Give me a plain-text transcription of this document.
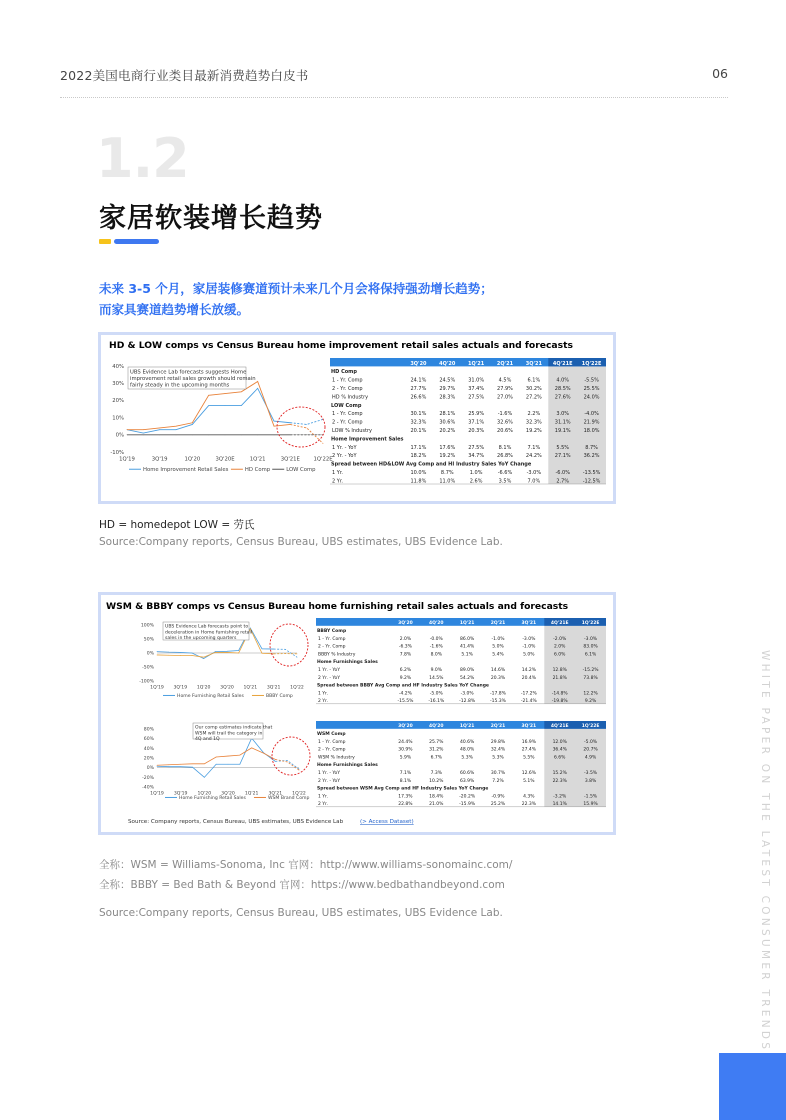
2022美国电商行业类目最新消费趋势白皮书	06
1.2
家居软装增长趋势
未来 3-5 个月，家居装修赛道预计未来几个月会将保持强劲增长趋势；
而家具赛道趋势增长放缓。
HD & LOW comps vs Census Bureau home improvement retail sales actuals and forecasts
40%
30%
20%
10%
0%
-10%
1Q'19	3Q'19	1Q'20	3Q'20E	1Q'21	3Q'21E	1Q'22E
UBS Evidence Lab forecasts suggests Home
improvement retail sales growth should remain
fairly steady in the upcoming months
Home Improvement Retail Sales	HD Comp	LOW Comp
3Q'20	4Q'20	1Q'21	2Q'21	3Q'21 4Q'21E 1Q'22E
HD Comp
1 - Yr. Comp	24.1%	24.5%	31.0%	4.5%	6.1%	4.0%	-5.5%
2 - Yr. Comp	27.7%	29.7%	37.4%	27.9%	30.2%	28.5%	25.5%
HD % Industry	26.6%	28.3%	27.5%	27.0%	27.2%	27.6%	24.0%
LOW Comp
1 - Yr. Comp	30.1%	28.1%	25.9%	-1.6%	2.2%	3.0%	-4.0%
2 - Yr. Comp	32.3%	30.6%	37.1%	32.6%	32.3%	31.1%	21.9%
LOW % Industry	20.1%	20.2%	20.3%	20.6%	19.2%	19.1%	18.0%
Home Improvement Sales
1 Yr. - YoY	17.1%	17.6%	27.5%	8.1%	7.1%	5.5%	8.7%
2 Yr. - YoY	18.2%	19.2%	34.7%	26.8%	24.2%	27.1%	36.2%
Spread between HD&LOW Avg Comp and HI Industry Sales YoY Change
1 Yr.	10.0%	8.7%	1.0%	-6.6%	-3.0%	-6.0%	-13.5%
2 Yr.	11.8%	11.0%	2.6%	3.5%	7.0%	2.7%	-12.5%
HD = homedepot LOW = 劳氏
Source:Company reports, Census Bureau, UBS estimates, UBS Evidence Lab.
WSM & BBBY comps vs Census Bureau home furnishing retail sales actuals and forecasts
100%
50%
0%
-50%
-100%
1Q'19 3Q'19 1Q'20 3Q'20 1Q'21 3Q'21 1Q'22
UBS Evidence Lab forecasts point to
deceleration in Home furnishing retail
sales in the upcoming quarters
Home Furnishing Retail Sales	BBBY Comp
3Q'20	4Q'20	1Q'21	2Q'21	3Q'21	4Q'21E	1Q'22E
BBBY Comp
1 - Yr. Comp	2.0%	-0.0%	86.0%	-1.0%	-3.0%	-2.0%	-3.0%
2 - Yr. Comp	-6.3%	-1.6%	41.4%	5.0%	-1.0%	2.0%	83.0%
BBBY % Industry	7.8%	8.0%	5.1%	5.4%	5.0%	6.0%	6.1%
Home Furnishings Sales
1 Yr. - YoY	6.2%	9.0%	89.0%	14.6%	14.2%	12.8%	-15.2%
2 Yr. - YoY	9.2%	14.5%	54.2%	20.3%	20.4%	21.8%	73.8%
Spread between BBBY Avg Comp and HF Industry Sales YoY Change
1 Yr.	-4.2%	-5.0%	-3.0%	-17.8%	-17.2%	-14.8%	12.2%
2 Yr.	-15.5%	-16.1%	-12.8%	-15.3%	-21.4%	-19.8%	9.2%
80%
60%
40%
20%
0%
-20%
-40%
1Q'19 3Q'19 1Q'20 3Q'20 1Q'21 3Q'21 1Q'22
Our comp estimates indicate that
WSM will trail the category in
4Q and 1Q
Home Furnishing Retail Sales	WSM Brand Comp
3Q'20	4Q'20	1Q'21	2Q'21	3Q'21	4Q'21E	1Q'22E
WSM Comp
1 - Yr. Comp	24.4%	25.7%	40.6%	29.8%	16.9%	12.0%	-5.0%
2 - Yr. Comp	30.9%	31.2%	48.0%	32.4%	27.4%	36.4%	20.7%
WSM % Industry	5.9%	6.7%	5.3%	5.3%	5.5%	6.6%	4.9%
Home Furnishings Sales
1 Yr. - YoY	7.1%	7.3%	60.6%	30.7%	12.6%	15.2%	-3.5%
2 Yr. - YoY	8.1%	10.2%	63.9%	7.2%	5.1%	22.3%	3.8%
Spread between WSM Avg Comp and HF Industry Sales YoY Change
1 Yr.	17.3%	18.4%	-20.2%	-0.9%	4.3%	-3.2%	-1.5%
2 Yr.	22.8%	21.0%	-15.9%	25.2%	22.3%	14.1%	15.9%
Source: Company reports, Census Bureau, UBS estimates, UBS Evidence Lab	(> Access Dataset)
全称：WSM = Williams-Sonoma, Inc 官网：http://www.williams-sonomainc.com/
全称：BBBY = Bed Bath & Beyond 官网：https://www.bedbathandbeyond.com
Source:Company reports, Census Bureau, UBS estimates, UBS Evidence Lab.	WHITE PAPER ON THE LATEST CONSUMER TRENDS
